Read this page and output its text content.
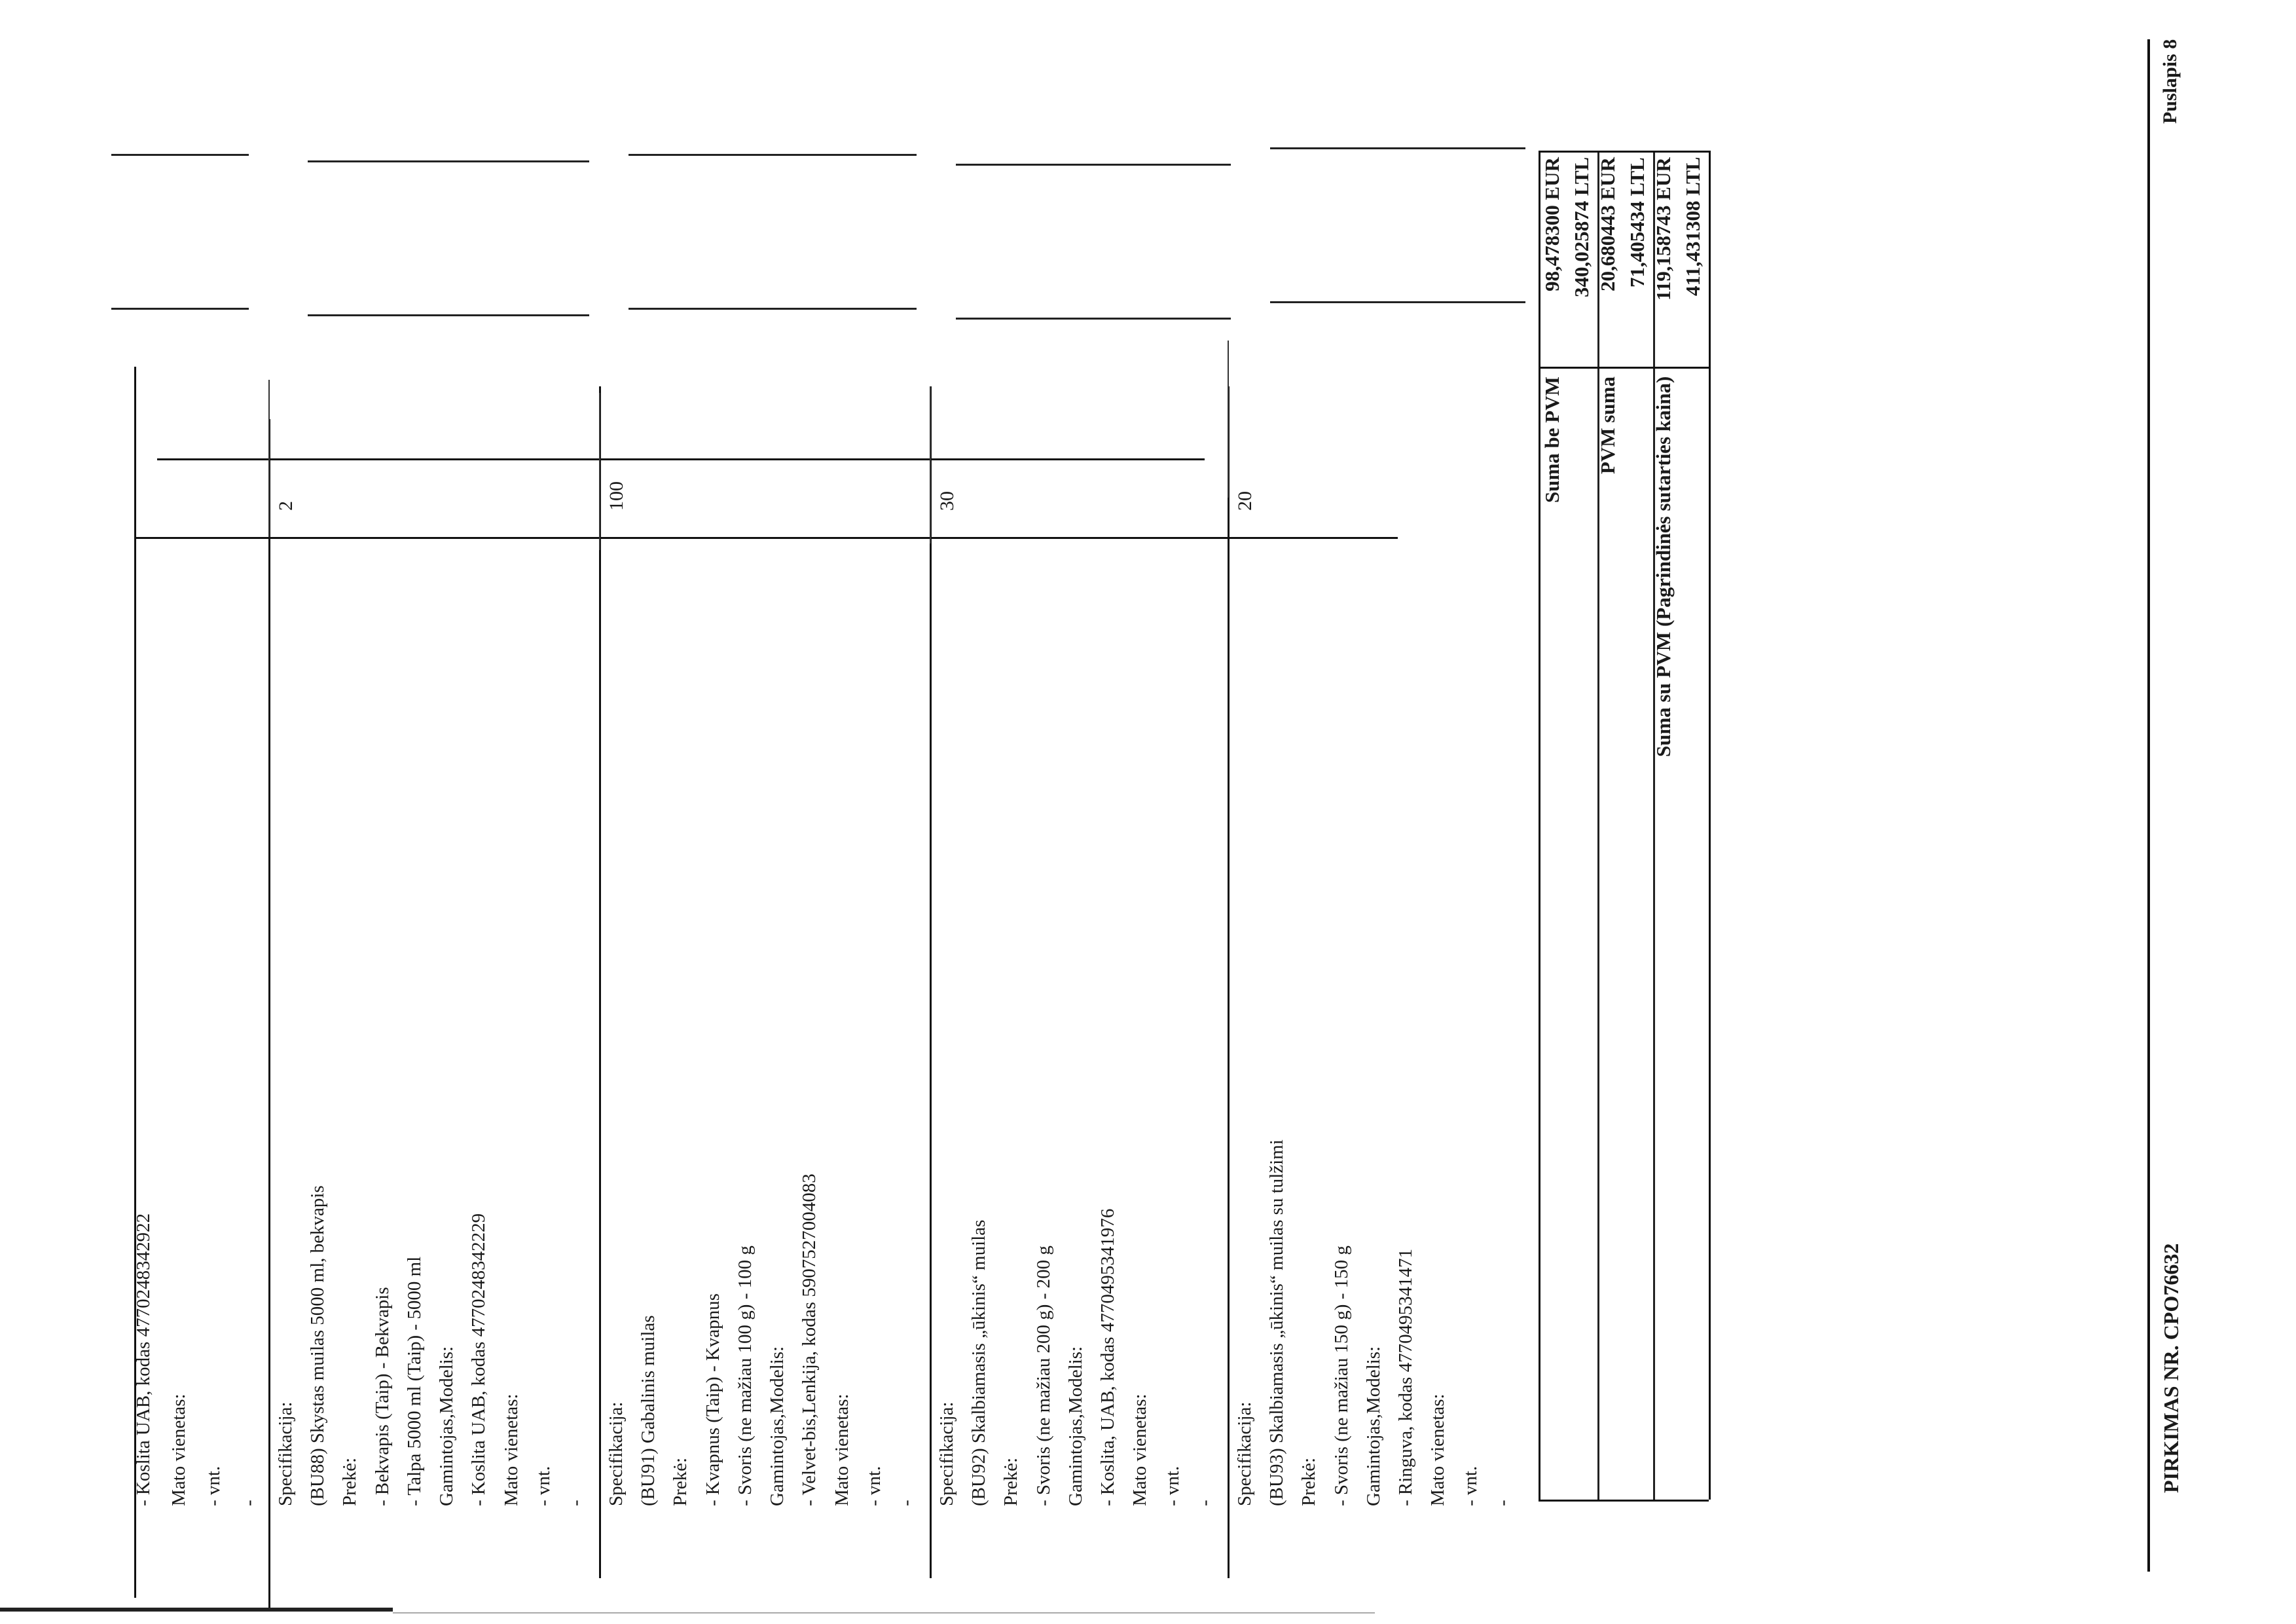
- Koslita UAB, kodas 4770248342922 Mato vienetas: - vnt. - Specifikacija: (BU88) Skystas muilas 5000 ml, bekvapis Prekė: - Bekvapis (Taip) - Bekvapis - Talpa 5000 ml (Taip) - 5000 ml Gamintojas,Modelis: - Koslita UAB, kodas 4770248342229 Mato vienetas: - vnt. -
2
Specifikacija: (BU91) Gabalinis muilas Prekė: - Kvapnus (Taip) - Kvapnus - Svoris (ne mažiau 100 g) - 100 g Gamintojas,Modelis: - Velvet-bis,Lenkija, kodas 5907527004083 Mato vienetas: - vnt. -
100
Specifikacija: (BU92) Skalbiamasis „ūkinis“ muilas Prekė: - Svoris (ne mažiau 200 g) - 200 g Gamintojas,Modelis: - Koslita, UAB, kodas 4770495341976 Mato vienetas: - vnt. -
30
Specifikacija: (BU93) Skalbiamasis „ūkinis“ muilas su tulžimi Prekė: - Svoris (ne mažiau 150 g) - 150 g Gamintojas,Modelis: - Ringuva, kodas 4770495341471 Mato vienetas: - vnt. -
20	Suma be PVM PVM suma Suma su PVM (Pagrindinės sutarties kaina)
98,478300 EUR 340,025874 LTL 20,680443 EUR 71,405434 LTL 119,158743 EUR 411,431308 LTL
PIRKIMAS NR. CPO76632
Puslapis 8
